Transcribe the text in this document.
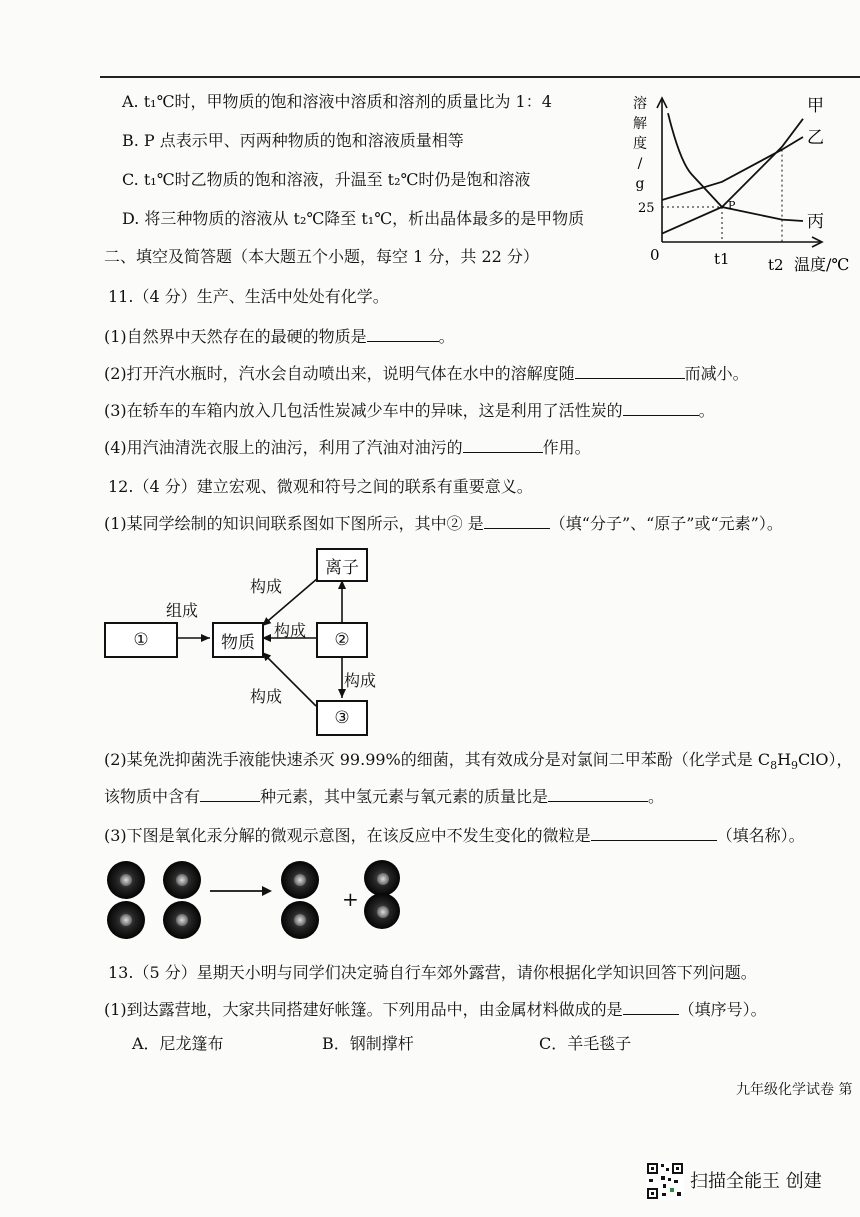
A. t₁℃时，甲物质的饱和溶液中溶质和溶剂的质量比为 1：4
B. P 点表示甲、丙两种物质的饱和溶液质量相等
C. t₁℃时乙物质的饱和溶液，升温至 t₂℃时仍是饱和溶液
D. 将三种物质的溶液从 t₂℃降至 t₁℃，析出晶体最多的是甲物质
溶
解
度
/
g
0
25
t1	t2 温度/℃
甲
乙
丙
P
二、填空及简答题（本大题五个小题，每空 1 分，共 22 分）
11.（4 分）生产、生活中处处有化学。
(1)自然界中天然存在的最硬的物质是	。
(2)打开汽水瓶时，汽水会自动喷出来，说明气体在水中的溶解度随	而减小。
(3)在轿车的车箱内放入几包活性炭减少车中的异味，这是利用了活性炭的	。
(4)用汽油清洗衣服上的油污，利用了汽油对油污的	作用。
12.（4 分）建立宏观、微观和符号之间的联系有重要意义。
(1)某同学绘制的知识间联系图如下图所示，其中② 是	（填“分子”、“原子”或“元素”）。
①	物质	②
离子
③
组成
构成
构成
构成
构成
(2)某免洗抑菌洗手液能快速杀灭 99.99%的细菌，其有效成分是对氯间二甲苯酚（化学式是 $C_8H_9ClO$），
该物质中含有	种元素，其中氢元素与氧元素的质量比是	。
(3)下图是氧化汞分解的微观示意图，在该反应中不发生变化的微粒是	（填名称）。
+
13.（5 分）星期天小明与同学们决定骑自行车郊外露营，请你根据化学知识回答下列问题。
(1)到达露营地，大家共同搭建好帐篷。下列用品中，由金属材料做成的是	（填序号）。
A．尼龙篷布	B．钢制撑杆	C．羊毛毯子
九年级化学试卷 第
扫描全能王 创建
